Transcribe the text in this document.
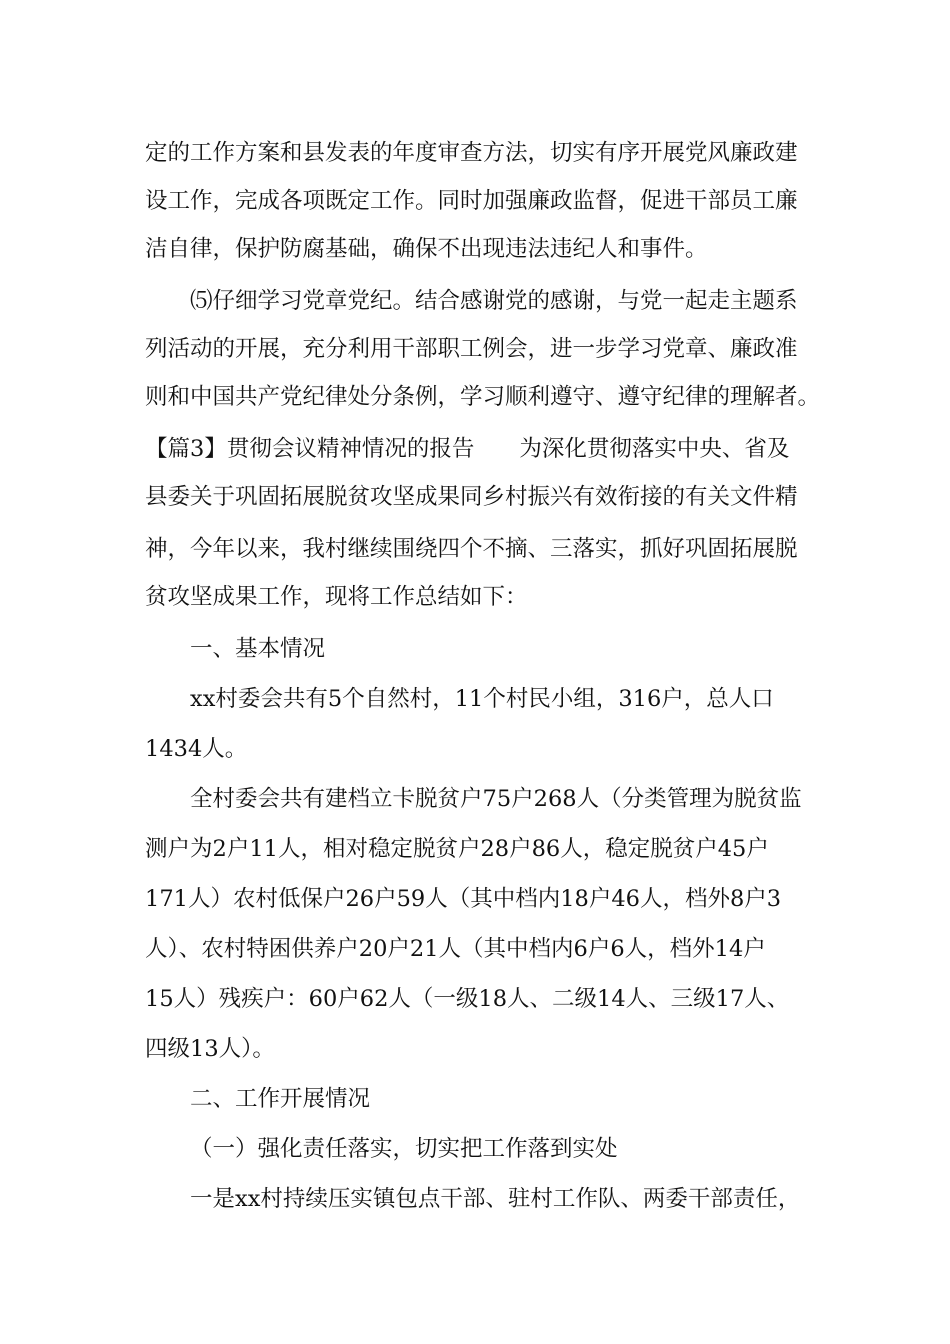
定的工作方案和县发表的年度审查方法，切实有序开展党风廉政建
设工作，完成各项既定工作。同时加强廉政监督，促进干部员工廉
洁自律，保护防腐基础，确保不出现违法违纪人和事件。
⑸仔细学习党章党纪。结合感谢党的感谢，与党一起走主题系
列活动的开展，充分利用干部职工例会，进一步学习党章、廉政准
则和中国共产党纪律处分条例，学习顺利遵守、遵守纪律的理解者。
【篇3】贯彻会议精神情况的报告　　为深化贯彻落实中央、省及
县委关于巩固拓展脱贫攻坚成果同乡村振兴有效衔接的有关文件精
神，今年以来，我村继续围绕四个不摘、三落实，抓好巩固拓展脱
贫攻坚成果工作，现将工作总结如下：
一、基本情况
xx村委会共有5个自然村，11个村民小组，316户，总人口
1434人。
全村委会共有建档立卡脱贫户75户268人（分类管理为脱贫监
测户为2户11人，相对稳定脱贫户28户86人，稳定脱贫户45户
171人）农村低保户26户59人（其中档内18户46人，档外8户3
人）、农村特困供养户20户21人（其中档内6户6人，档外14户
15人）残疾户：60户62人（一级18人、二级14人、三级17人、
四级13人）。
二、工作开展情况
（一）强化责任落实，切实把工作落到实处
一是xx村持续压实镇包点干部、驻村工作队、两委干部责任，
